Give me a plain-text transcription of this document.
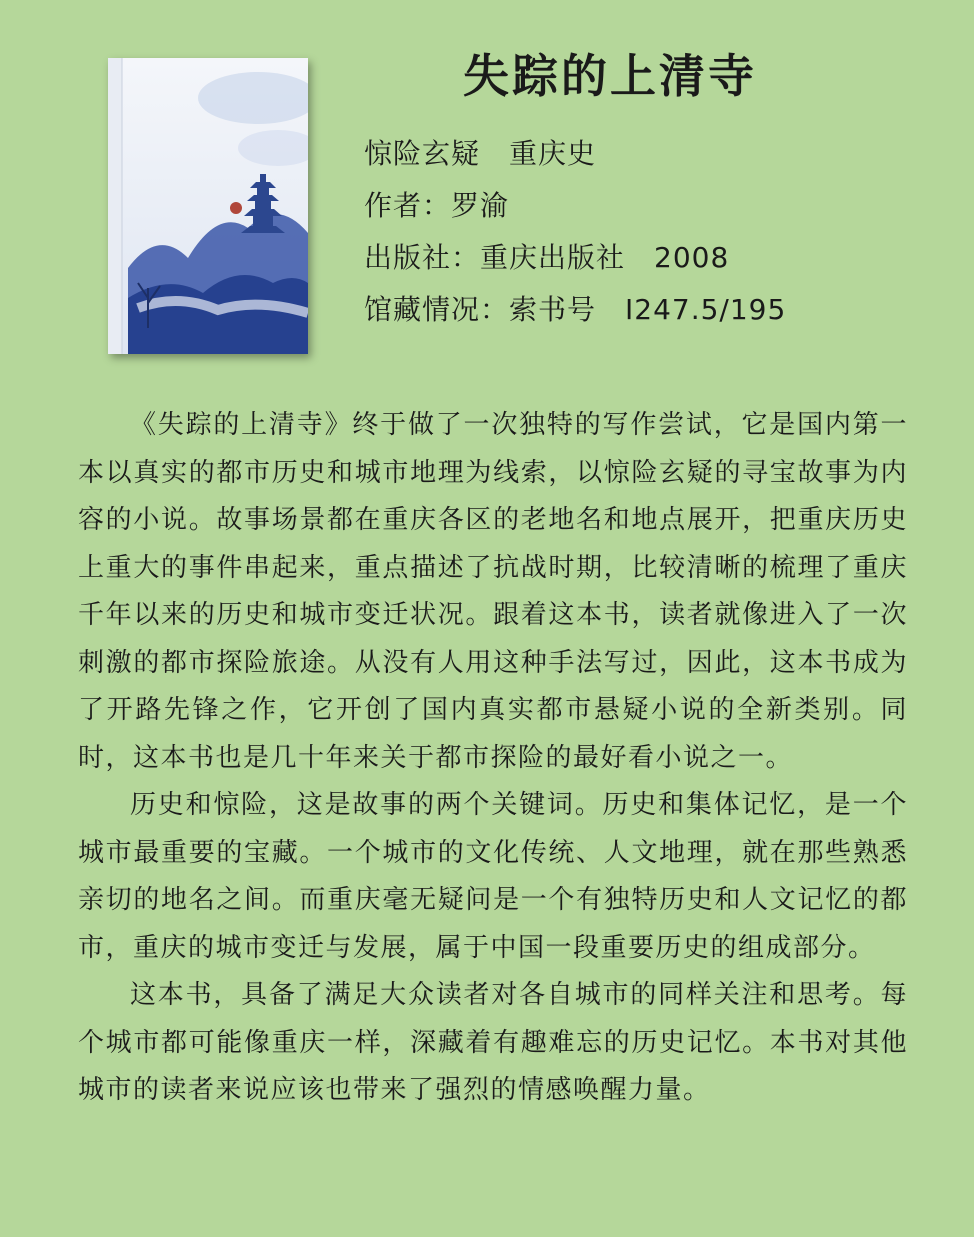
失踪的上清寺
惊险玄疑　重庆史
作者：罗渝
出版社：重庆出版社　2008
馆藏情况：索书号　I247.5/195

《失踪的上清寺》终于做了一次独特的写作尝试，它是国内第一本以真实的都市历史和城市地理为线索，以惊险玄疑的寻宝故事为内容的小说。故事场景都在重庆各区的老地名和地点展开，把重庆历史上重大的事件串起来，重点描述了抗战时期，比较清晰的梳理了重庆千年以来的历史和城市变迁状况。跟着这本书，读者就像进入了一次刺激的都市探险旅途。从没有人用这种手法写过，因此，这本书成为了开路先锋之作，它开创了国内真实都市悬疑小说的全新类别。同时，这本书也是几十年来关于都市探险的最好看小说之一。

历史和惊险，这是故事的两个关键词。历史和集体记忆，是一个城市最重要的宝藏。一个城市的文化传统、人文地理，就在那些熟悉亲切的地名之间。而重庆毫无疑问是一个有独特历史和人文记忆的都市，重庆的城市变迁与发展，属于中国一段重要历史的组成部分。

这本书，具备了满足大众读者对各自城市的同样关注和思考。每个城市都可能像重庆一样，深藏着有趣难忘的历史记忆。本书对其他城市的读者来说应该也带来了强烈的情感唤醒力量。
